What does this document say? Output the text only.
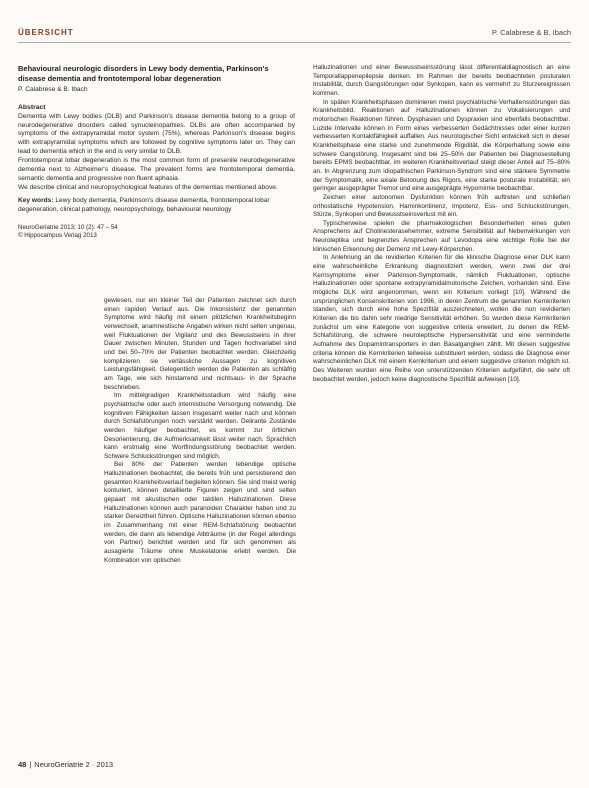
ÜBERSICHT	P. Calabrese & B. Ibach
Behavioural neurologic disorders in Lewy body dementia, Parkinson's disease dementia and frontotemporal lobar degeneration
P. Calabrese & B. Ibach
Abstract

Dementia with Lewy bodies (DLB) and Parkinson's disease dementia belong to a group of neurodegenerative disorders called synucleinopathies. DLBs are often accompanied by symptoms of the extrapyramidal motor system (75%), whereas Parkinson's disease begins with extrapyramidal symptoms which are followed by cognitive symptoms later on. They can lead to dementia which in the end is very similar to DLB.

Frontotemporal lobar degeneration is the most common form of presenile neurodegenerative dementia next to Alzheimer's disease. The prevalent forms are frontotemporal dementia, semantic dementia and progressive non fluent aphasia.

We describe clinical and neuropsychological features of the dementias mentioned above.

Key words: Lewy body dementia, Parkinson's disease dementia, frontotemporal lobar degeneration, clinical pathology, neuropsychology, behavioural neurology
NeuroGeriatrie 2013; 10 (2): 47 – 54
© Hippocampus Verlag 2013

gewiesen, nur ein kleiner Teil der Patienten zeichnet sich durch einen rapiden Verlauf aus. Die Inkonsistenz der genannten Symptome wird häufig mit einem plötzlichen Krankheitsbeginn verwechselt, anamnestische Angaben wirken nicht selten ungenau, weil Fluktuationen der Vigilanz und des Bewusstseins in ihrer Dauer zwischen Minuten, Stunden und Tagen hochvariabel sind und bei 50–70% der Patienten beobachtet werden. Gleichzeitig komplizieren sie verlässliche Aussagen zu kognitiven Leistungsfähigkeit. Gelegentlich werden die Patienten als schläfrig am Tage, wie sich hinstarrend und nichtsaus- in der Sprache beschrieben.

Im mittelgradigen Krankheitsstadium wird häufig eine psychiatrische oder auch internistische Versorgung notwendig. Die kognitiven Fähigkeiten lassen insgesamt weiter nach und können durch Schlafstörungen noch verstärkt werden. Delirante Zustände werden häufiger beobachtet, es kommt zur örtlichen Desorientierung, die Aufmerksamkeit lässt weiter nach. Sprachlich kann erstmalig eine Wortfindungsstörung beobachtet werden. Schwere Schluckstörungen sind möglich.

Bei 80% der Patienten werden lebendige optische Halluzinationen beobachtet, die bereits früh und persistierend den gesamten Krankheitsverlauf begleiten können. Sie sind meist wenig konturiert, können detaillierte Figuren zeigen und sind selten gepaart mit akustischen oder taktilen Halluzinationen. Diese Halluzinationen können auch paranoiden Charakter haben und zu starker Gereiztheit führen. Optische Halluzinationen können ebenso im Zusammenhang mit einer REM-Schlafstörung beobachtet werden, die dann als lebendige Albträume (in der Regel allerdings von Partner) berichtet werden und für sich genommen als ausagierte Träume ohne Muskelatonie erlebt werden. Die Kombination von optischen

Halluzinationen und einer Bewusstseinsstörung lässt differentialdiagnostisch an eine Temporallappenepilepsie denken. Im Rahmen der bereits beobachteten posturalen Instabilität, durch Gangstörungen oder Synkopen, kann es vermehrt zu Sturzereignissen kommen.

In späten Krankheitsphasen dominieren meist psychiatrische Verhaltensstörungen das Krankheitsbild. Reaktionen auf Halluzinationen können zu Vokalisierungen und motorischen Reaktionen führen. Dysphasien und Dyspraxien sind ebenfalls beobachtbar. Luzide Intervalle können in Form eines verbesserten Gedächtnisses oder einer kurzen verbesserten Kontaktfähigkeit auffallen. Aus neurologischer Sicht entwickelt sich in dieser Krankheitsphase eine starke und zunehmende Rigidität, die Körperhaltung sowie eine schwere Gangstörung. Insgesamt sind bei 25–50% der Patienten bei Diagnosestellung bereits EPMS beobachtbar, im weiteren Krankheitsverlauf steigt dieser Anteil auf 75–80% an. In Abgrenzung zum idiopathischen Parkinson-Syndrom sind eine stärkere Symmetrie der Symptomatik, eine axiale Betonung des Rigors, eine starke posturale Instabilität, ein geringer ausgeprägter Tremor und eine ausgeprägte Hypomimie beobachtbar.

Zeichen einer autonomen Dysfunktion können früh auftreten und schließen orthostatische Hypotension, Harninkontinenz, Impotenz, Ess- und Schluckstörungen, Stürze, Synkopen und Bewusstseinsverlust mit ein.

Typischerweise spielen die pharmakologischen Besonderheiten eines guten Ansprechens auf Cholinesterasehemmer, extreme Sensibilität auf Nebenwirkungen von Neuroleptika und begrenztes Ansprechen auf Levodopa eine wichtige Rolle bei der klinischen Erkennung der Demenz mit Lewy-Körperchen.

In Anlehnung an die revidierten Kriterien für die klinische Diagnose einer DLK kann eine wahrscheinliche Erkrankung diagnostiziert werden, wenn zwei der drei Kernsymptome einer Parkinson-Symptomatik, nämlich Fluktuationen, optische Halluzinationen oder spontane extrapyramidalmotorische Zeichen, vorhanden sind. Eine mögliche DLK wird angenommen, wenn ein Kriterium vorliegt [10]. Während die ursprünglichen Konsenskriterien von 1996, in deren Zentrum die genannten Kernkriterien standen, sich durch eine hohe Spezifität auszeichneten, wollen die nun revidierten Kriterien die bis dahin sehr niedrige Sensitivität erhöhen. So wurden diese Kernkriterien zunächst um eine Kategorie von suggestive criteria erweitert, zu denen die REM-Schlafstörung, die schwere neuroleptische Hypersensitivität und eine verminderte Aufnahme des Dopamintransporters in den Basalganglien zählt. Mit diesen suggestive criteria können die Kernkriterien teilweise substituiert werden, sodass die Diagnose einer wahrscheinlichen DLK mit einem Kernkriterium und einem suggestive criterion möglich ist. Des Weiteren wurden eine Reihe von unterstützenden Kriterien aufgeführt, die sehr oft beobachtet werden, jedoch keine diagnostische Spezifität aufweisen [10].

48 | NeuroGeriatrie 2 · 2013
